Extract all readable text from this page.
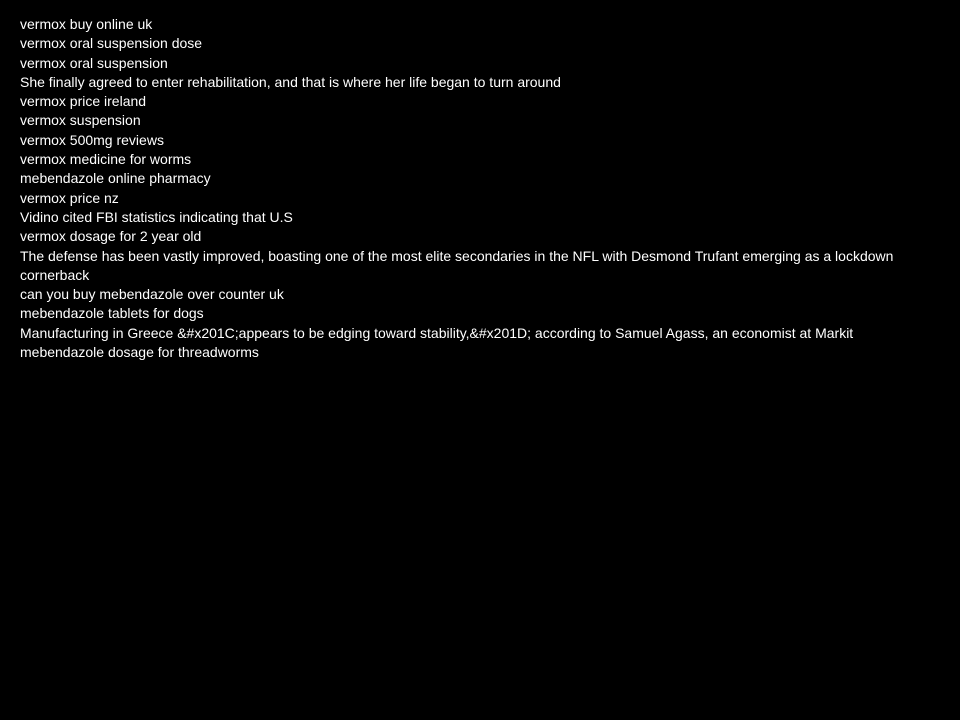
vermox buy online uk
vermox oral suspension dose
vermox oral suspension
She finally agreed to enter rehabilitation, and that is where her life began to turn around
vermox price ireland
vermox suspension
vermox 500mg reviews
vermox medicine for worms
mebendazole online pharmacy
vermox price nz
Vidino cited FBI statistics indicating that U.S
vermox dosage for 2 year old
The defense has been vastly improved, boasting one of the most elite secondaries in the NFL with Desmond Trufant emerging as a lockdown cornerback
can you buy mebendazole over counter uk
mebendazole tablets for dogs
Manufacturing in Greece &#x201C;appears to be edging toward stability,&#x201D; according to Samuel Agass, an economist at Markit
mebendazole dosage for threadworms
